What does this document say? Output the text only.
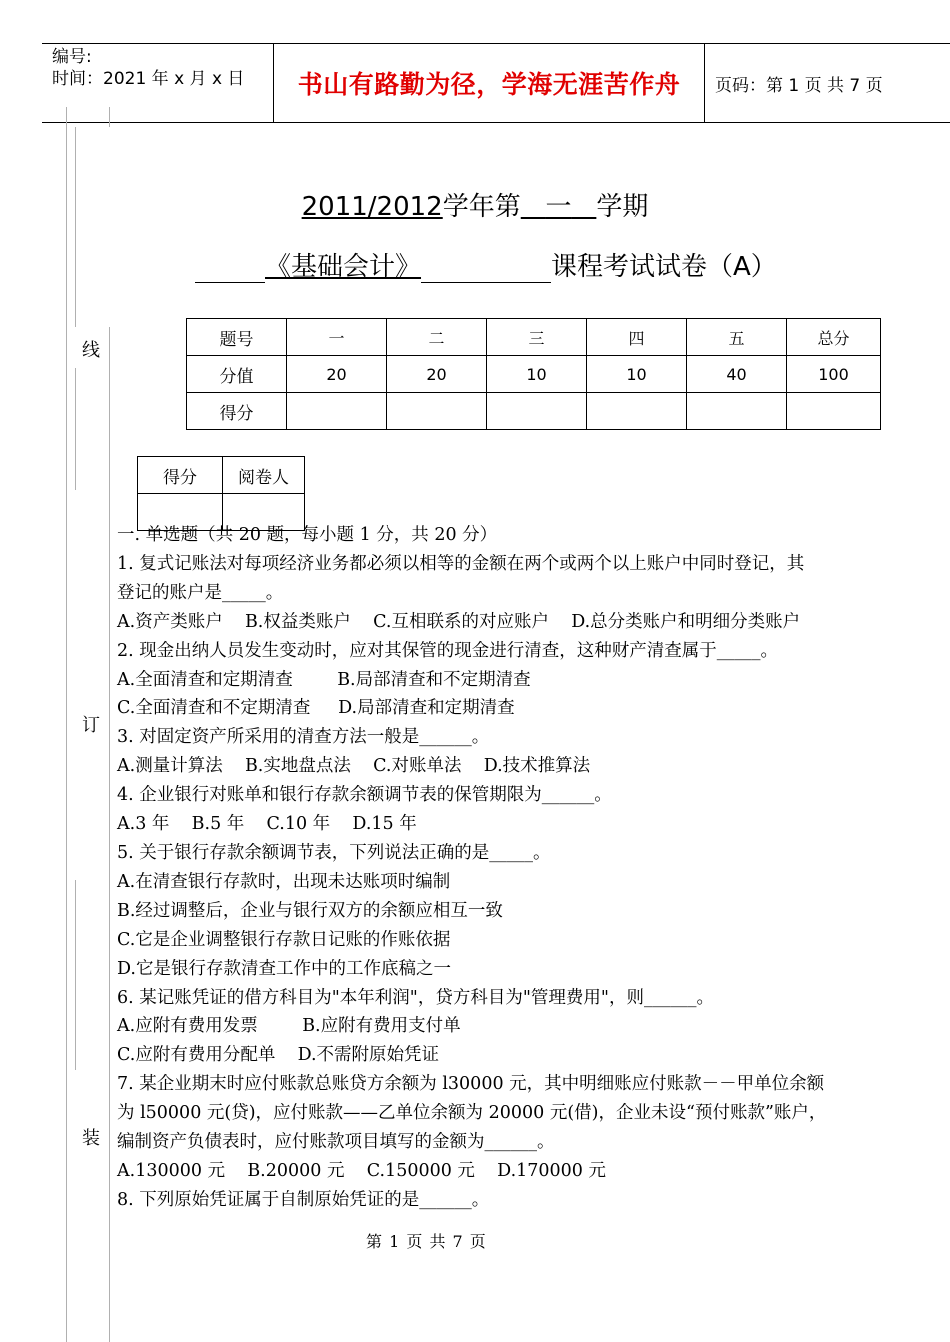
编号:
时间：2021 年 x 月 x 日	书山有路勤为径，学海无涯苦作舟	页码：第 1 页 共 7 页
线
订
装
2011/2012学年第 一 学期
《基础会计》	课程考试试卷（A）
题号	一	二	三	四	五	总分
分值	20	20	10	10	40	100
得分						
得分	阅卷人

一. 单选题（共 20 题，每小题 1 分，共 20 分）

1. 复式记账法对每项经济业务都必须以相等的金额在两个或两个以上账户中同时登记，其

登记的账户是_____。

A.资产类账户    B.权益类账户    C.互相联系的对应账户    D.总分类账户和明细分类账户

2. 现金出纳人员发生变动时，应对其保管的现金进行清查，这种财产清查属于_____。

A.全面清查和定期清查        B.局部清查和不定期清查

C.全面清查和不定期清查     D.局部清查和定期清查

3. 对固定资产所采用的清查方法一般是______。

A.测量计算法    B.实地盘点法    C.对账单法    D.技术推算法

4. 企业银行对账单和银行存款余额调节表的保管期限为______。

A.3 年    B.5 年    C.10 年    D.15 年

5. 关于银行存款余额调节表，下列说法正确的是_____。

A.在清查银行存款时，出现未达账项时编制

B.经过调整后，企业与银行双方的余额应相互一致

C.它是企业调整银行存款日记账的作账依据

D.它是银行存款清查工作中的工作底稿之一

6. 某记账凭证的借方科目为"本年利润"，贷方科目为"管理费用"，则______。

A.应附有费用发票        B.应附有费用支付单

C.应附有费用分配单    D.不需附原始凭证

7. 某企业期末时应付账款总账贷方余额为 l30000 元，其中明细账应付账款－－甲单位余额

为 l50000 元(贷)，应付账款——乙单位余额为 20000 元(借)，企业未设“预付账款”账户，

编制资产负债表时，应付账款项目填写的金额为______。

A.130000 元    B.20000 元    C.150000 元    D.170000 元

8. 下列原始凭证属于自制原始凭证的是______。

第 1 页 共 7 页
